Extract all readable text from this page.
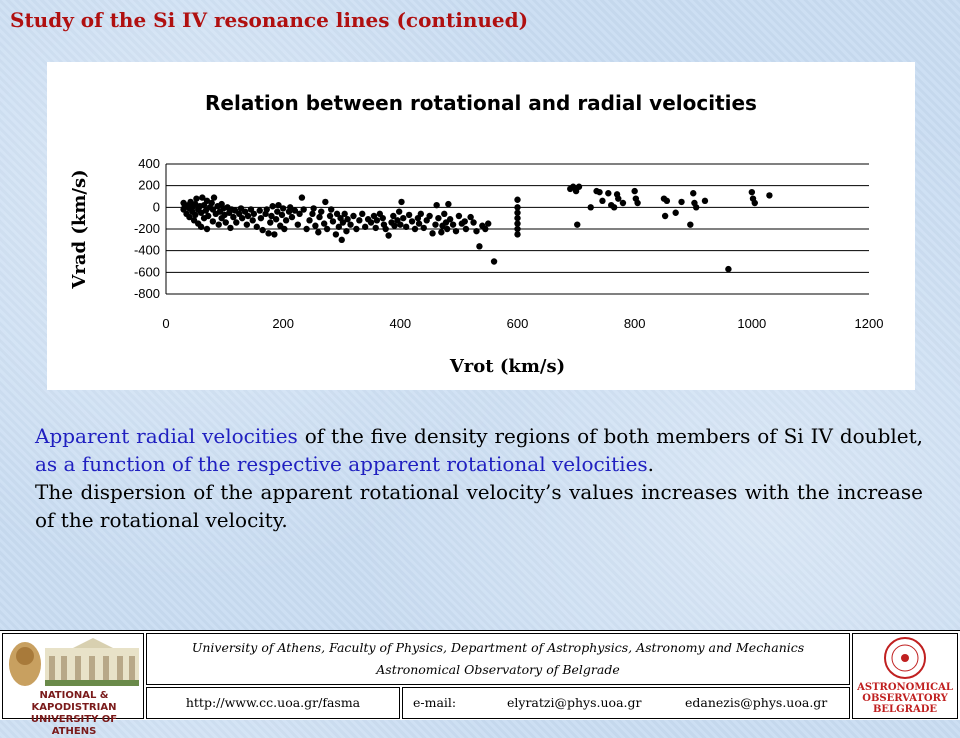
Study of the Si IV resonance lines (continued)
Relation between rotational and radial velocities
400
200
0
-200
-400
-600
-800
0	200	400	600	800	1000	1200
Vrot (km/s)
Vrad (km/s)
Apparent radial velocities of the five density regions of both members of Si IV doublet, as a function of the respective apparent rotational velocities.
The dispersion of the apparent rotational velocity’s values increases with the increase of the rotational velocity.
NATIONAL & KAPODISTRIAN UNIVERSITY OF ATHENS
University of Athens, Faculty of Physics, Department of Astrophysics, Astronomy and Mechanics
Astronomical Observatory of Belgrade
http://www.cc.uoa.gr/fasma	e-mail:	elyratzi@phys.uoa.gr	edanezis@phys.uoa.gr
ASTRONOMICAL OBSERVATORY BELGRADE
